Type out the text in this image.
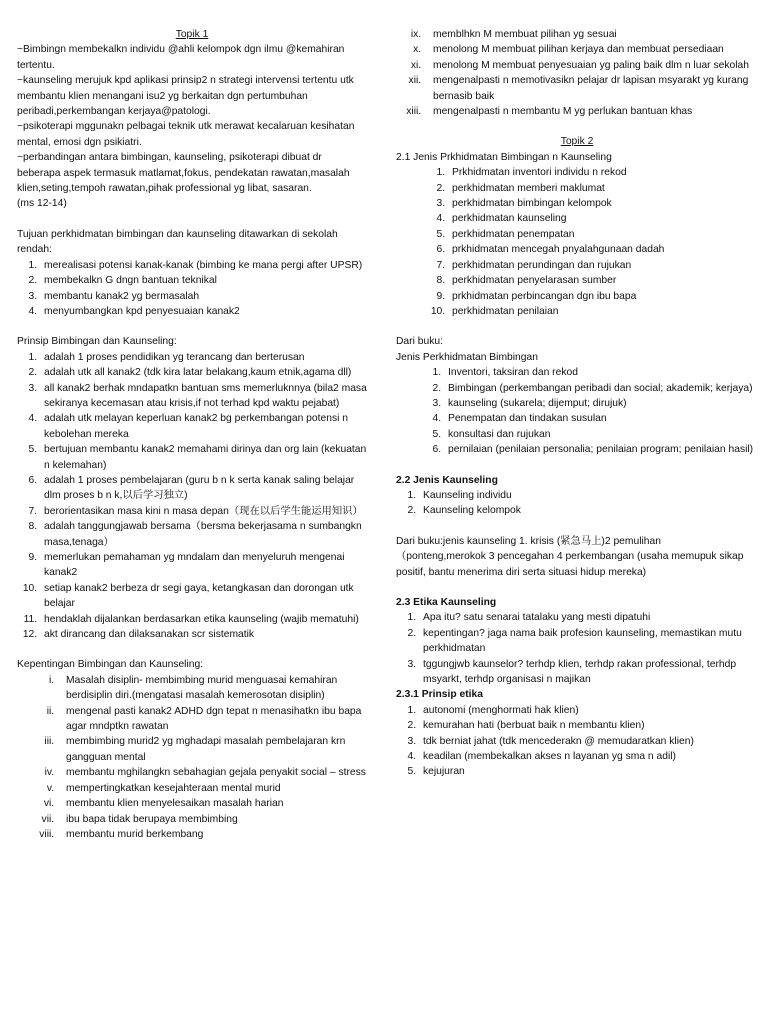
Topik 1

~Bimbingn membekalkn individu @ahli kelompok dgn ilmu @kemahiran tertentu.

~kaunseling merujuk kpd aplikasi prinsip2 n strategi intervensi tertentu utk membantu klien menangani isu2 yg berkaitan dgn pertumbuhan peribadi,perkembangan kerjaya@patologi.

~psikoterapi mggunakn pelbagai teknik utk merawat kecalaruan kesihatan mental, emosi dgn psikiatri.

~perbandingan antara bimbingan, kaunseling, psikoterapi dibuat dr beberapa aspek termasuk matlamat,fokus, pendekatan rawatan,masalah klien,seting,tempoh rawatan,pihak professional yg libat, sasaran.

(ms 12-14)

Tujuan perkhidmatan bimbingan dan kaunseling ditawarkan di sekolah rendah:

1. merealisasi potensi kanak-kanak (bimbing ke mana pergi after UPSR)
2. membekalkn G dngn bantuan teknikal
3. membantu kanak2 yg bermasalah
4. menyumbangkan kpd penyesuaian kanak2

Prinsip Bimbingan dan Kaunseling:

1. adalah 1 proses pendidikan yg terancang dan berterusan
2. adalah utk all kanak2 (tdk kira latar belakang,kaum etnik,agama dll)
3. all kanak2 berhak mndapatkn bantuan sms memerluknnya (bila2 masa sekiranya kecemasan atau krisis,if not terhad kpd waktu pejabat)
4. adalah utk melayan keperluan kanak2 bg perkembangan potensi n kebolehan mereka
5. bertujuan membantu kanak2 memahami dirinya dan org lain (kekuatan n kelemahan)
6. adalah 1 proses pembelajaran (guru b n k serta kanak saling belajar dlm proses b n k,以后学习独立)
7. berorientasikan masa kini n masa depan（现在以后学生能运用知识）
8. adalah tanggungjawab bersama（bersma bekerjasama n sumbangkn masa,tenaga）
9. memerlukan pemahaman yg mndalam dan menyeluruh mengenai kanak2
10. setiap kanak2 berbeza dr segi gaya, ketangkasan dan dorongan utk belajar
11. hendaklah dijalankan berdasarkan etika kaunseling (wajib mematuhi)
12. akt dirancang dan dilaksanakan scr sistematik

Kepentingan Bimbingan dan Kaunseling:

i. Masalah disiplin- membimbing murid menguasai kemahiran berdisiplin diri.(mengatasi masalah kemerosotan disiplin)
ii. mengenal pasti kanak2 ADHD dgn tepat n menasihatkn ibu bapa agar mndptkn rawatan
iii. membimbing murid2 yg mghadapi masalah pembelajaran krn gangguan mental
iv. membantu mghilangkn sebahagian gejala penyakit social – stress
v. mempertingkatkan kesejahteraan mental murid
vi. membantu klien menyelesaikan masalah harian
vii. ibu bapa tidak berupaya membimbing
viii. membantu murid berkembang
ix. memblhkn M membuat pilihan yg sesuai
x. menolong M membuat pilihan kerjaya dan membuat persediaan
xi. menolong M membuat penyesuaian yg paling baik dlm n luar sekolah
xii. mengenalpasti n memotivasikn pelajar dr lapisan msyarakt yg kurang bernasib baik
xiii. mengenalpasti n membantu M yg perlukan bantuan khas

Topik 2

2.1 Jenis Prkhidmatan Bimbingan n Kaunseling

1. Prkhidmatan inventori individu n rekod
2. perkhidmatan memberi maklumat
3. perkhidmatan bimbingan kelompok
4. perkhidmatan kaunseling
5. perkhidmatan penempatan
6. prkhidmatan mencegah pnyalahgunaan dadah
7. perkhidmatan perundingan dan rujukan
8. perkhidmatan penyelarasan sumber
9. prkhidmatan perbincangan dgn ibu bapa
10. perkhidmatan penilaian

Dari buku:

Jenis Perkhidmatan Bimbingan

1. Inventori, taksiran dan rekod
2. Bimbingan (perkembangan peribadi dan social; akademik; kerjaya)
3. kaunseling (sukarela; dijemput; dirujuk)
4. Penempatan dan tindakan susulan
5. konsultasi dan rujukan
6. pernilaian (penilaian personalia; penilaian program; penilaian hasil)

2.2 Jenis Kaunseling

1. Kaunseling individu
2. Kaunseling kelompok

Dari buku:jenis kaunseling 1. krisis (紧急马上)2 pemulihan

（ponteng,merokok 3 pencegahan 4 perkembangan (usaha memupuk sikap positif, bantu menerima diri serta situasi hidup mereka)

2.3 Etika Kaunseling

1. Apa itu? satu senarai tatalaku yang mesti dipatuhi
2. kepentingan? jaga nama baik profesion kaunseling, memastikan mutu perkhidmatan
3. tggungjwb kaunselor? terhdp klien, terhdp rakan professional, terhdp msyarkt, terhdp organisasi n majikan

2.3.1 Prinsip etika

1. autonomi (menghormati hak klien)
2. kemurahan hati (berbuat baik n membantu klien)
3. tdk berniat jahat (tdk mencederakn @ memudaratkan klien)
4. keadilan (membekalkan akses n layanan yg sma n adil)
5. kejujuran
